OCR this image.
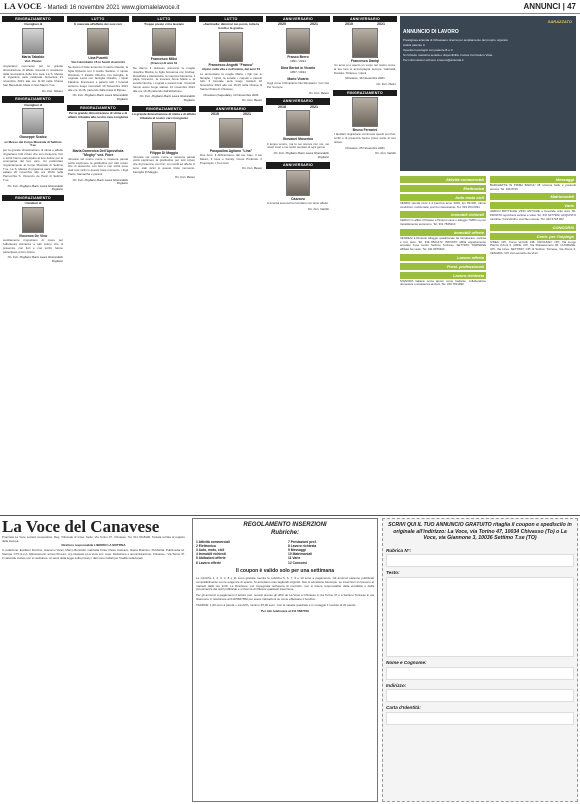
LA VOCE - Martedì 16 novembre 2021 www.giornalelavoce.it	ANNUNCI | 47
RINGRAZIAMENTO
I famigliari di
Maria Tabaldo
Ved. Pivano
ringraziano commossi per la grande dimostrazione di affetto ricevuta in occasione della scomparsa della loro cara. La S. Messa di trigesima sarà celebrata domenica 21 novembre 2021 alle ore 11.30 nella Chiesa San Benedetto Abate in San Mauro T.se.
On. Fun. Olivero
RINGRAZIAMENTO
I famigliari di
Giuseppe Scalco
ex Messo del Corpo Musicale di Settimo T.se
per la grande dimostrazione di stima e affetto ringraziano tutti coloro che con presenza, fiori e scritti hanno partecipato al loro dolore per la scomparsa del loro caro. Un particolare ringraziamento al Corpo Musicale di Settimo T.se. La S. Messa di trigesima sarà celebrata sabato 20 novembre alle ore 18.00 nella Parrocchia S. Vincenzo de Paoli di Settimo T.se.
On. Fun. Pogliano Mario Laura Gherardello Pogliano
RINGRAZIAMENTO
I familiari di
Vincenzo De Vivo
sentitamente ringraziano di cuore per l'affettuosa vicinanza a tutti coloro che di presenza, con fiori e con scritti, hanno partecipato al loro dolore.
On. Fun. Pogliano Mario Laura Gherardello Pogliano
LUTTO
È mancata all'affetto dei suoi cari
Lina Pucetti
Via Colombetto 16 in Scotti di anni 94
Ne danno il triste annuncio il marito Claudio, la figlia Roberta con il marito Stefano, il nipote Riccardo, il fratello Vittorino con famiglia, le cognate Lucia con famiglia Claudio, i nipoti Fabiana, Francesco e parenti tutti. I funerali avranno luogo mercoledì 10 Novembre 2021 alle ore 14.45, partendo dalla Casa di Riposo.
On. Fun. Pogliano Mario Laura Gherardello Pogliano
RINGRAZIAMENTO
Per la grande dimostrazione di stima e di affetto tributata alla nostra cara congiunta
Maria Domenica Dell'Aprovitola "Meghy" ved. Fiore
ritrovata nel nostro cuore e nessuna parola potrà esprimere la gratitudine per tutti coloro che di presenza, con fiori e con scritti sono stati così vicini in questo triste momento. I Figli Paolo, Samantha e parenti.
On. Fun. Pogliano Mario Laura Gherardello Pogliano
LUTTO
Troppo presto ci ha lasciato
Francesco Milici
(Franco) di anni 61
Ne danno il doloroso annuncio la moglie Josefine Marina, le figlie Giovanna con Andrea, Rosalinda e Alessandra, la mamma Giovanna, il papà Vincenzo, la suocera Anna Maria e la sorella Nunzia, i cognati e parenti tutti. I funerali hanno avuto luogo sabato 13 novembre 2021 alle ore 10.45 partendo dall'abitazione.
On. Fun. Pogliano Mario Laura Gherardello Pogliano
RINGRAZIAMENTO
La grande dimostrazione di stima e di affetto tributata al nostro caro Congiunto
Filippo Di Maggio
ritrovata nel nostro cuore e nessuna parola potrà esprimere la gratitudine per tutti coloro che di presenza, con fiori, con scritti ed offerte ci sono stati vicini in questo triste momento. Famiglia Di Maggio.
On. Fun. Besso
LUTTO
«Sentinella: dimmi al tuo posto, tutta la bontà e la grazia»
Francesco Angotti "Franco"
Alpino nella vita e nell'anima, dal anni 79
Lo annunciano la moglie Maria, i figli con le famiglie, i nipoti, la sorella, i cognati e parenti tutti. Il funerale avrà luogo martedì 16 Novembre 2021 alle ore 15.00 nella Chiesa di Santa Chiara di Chivasso.
Chivasso (Gepedale), 14 Novembre 2021
On. Fun. Besso
ANNIVERSARIO
2019	2021
Pasqualina Agliano "Lina"
Due Anni. Il Abbracciamo dal tuo Ciao. Il tuo Mauro, Il Iuvor e Family. Cuore Profondo. Il Propinquis. I Tuoi Cari.
On. Fun. Besso
ANNIVERSARIO
2020	2021
Franco Brero
1991 / 2021
Dina Bertot in Vicario
1957 / 2021
Mario Vicario
Oggi come il Rimpianto Del Rimpianto. Con Noi Per Sempre.
On. Fun. Besso
ANNIVERSARIO
2018	2021
Giovanni Moserino
Il tempo scorre, ma tu sei ancora con noi, nei nostri cuori e nei nostri pensieri di ogni giorno.
On. Fun. Pogliano Mario Laura Gherardello Pogliano
ANNIVERSARIO
Cazzovu
A funerali avvenuti la ricordano con tanto affetto.
On. Fun. Vanitto
ANNIVERSARIO
2010	2021
Francesco Daniqi
Un anno si è aperto un vuoto nel nostro cuore, la tua luce ci accompagna sempre. Gabriella, Daniela, Tiziana e i nipoti.
Chivasso, 16 Novembre 2021
On. Fun. Pietro
RINGRAZIAMENTO
Bruno Ferrarini
I familiari ringraziano commossi quanti con fiori, scritti e di presenza hanno preso parte al loro dolore.
Chivasso, 25 Novembre 2021
On. Fun. Vanitto
SARAZZATO
ANNUNCIO DI LAVORO
Prestigiosa azienda di Orbassano ricerca per ampliamento del proprio organico
Autisti patente C
Operatori ecologici con patente B e C
Si richiede massima serietà e disponibilità. Inviare Curriculum Vitae
Per informazioni scrivere a lavoro@azienda.it
Attività commerciali
Elettronica
Auto moto cicli
VENDO Honda Civic 1.4 benzina anno 2004, km 89.000, ottime condizioni, revisionata, prezzo interessante. Tel. 333 254 0091
Immobili richiesti
CERCO in affitto Chivasso e Dintorni casa o alloggio 70/80 mq con riscaldamento autonomo. Tel. 331 7845210
Immobili offerte
VENDESI a Rivarolo alloggio quadrilocale da ristrutturare, cantina e box auto. Tel. 349 8521472. PRIVATO affitta appartamento arredato zona centro Settimo Torinese. SETTIMO TORINESE affittasi box auto. Tel. 011 8976644
Lavoro offerta
Prest. professionali
Lavoro richiesta
SIGNORA italiana cerca lavoro come badante, collaboratrice domestica o assistenza anziani. Tel. 340 7821990
Messaggi
BARCHETTE IN PRIMA BARCA! 28 colonne belle e possenti ancora. Tel. 346 8720
Matrimoniali
Varie
CERCO BOTTIGLIE VINO ANTICHE e bevande ante anni '60. PRIVATO sgombera cantine e solai. Tel. 347 9277983. ACQUISTO cartoline, francobolli e vecchie monete. Tel. 342 5718 002
CONCORSI
Contr. per l'impiego
IVREA: CPI, Corso Vercelli 138. CHIVASSO: CPI, Via Lungo Piazza d'Armi 6. CIRIÈ: CPI, Via Robassomero 96. CUORGNÈ: CPI, Via Ivrea. SETTIMO: CPI di Settimo Torinese, Via Roma 3. VENARIA: CPI via Leonardo da Vinci.
La Voce del Canavese
Proprietà La Voce società cooperativa. Reg. Tribunale di Ivrea. Sede: Via Torino 47, Chivasso. Tel. 011 9118100. Testata iscritta al registro della stampa.
Direttore responsabile LIBORIO LA MATTINA
In redazione: Emiliano Rozzino, Giacomo Vanni, Marco Bertolotti, Gabriella Crisà, Paolo Codesco, Ileana Mainiero. Pubblicità: Publimedia srl. Stampa: CTS S.p.A. Abbonamenti: annuo 60 euro, ccp intestato a La Voce soc. coop. Redazione e amministrazione: Chivasso - Via Torino 47. Il materiale inviato non si restituisce. Ai sensi della legge sulla privacy i dati sono trattati per finalità redazionali.
REGOLAMENTO INSERZIONI
Rubriche:
1 Attività commerciali
2 Elettronica
3 Auto, moto, cicli
4 Immobili richiesti
5 Abitazioni offerte
6 Lavoro offerte
7 Prestazioni prof.
8 Lavoro richiesta
9 Messaggi
10 Matrimoniali
11 Varie
12 Concorsi
Il coupon è valido solo per una settimana
Le rubriche 1, 2, 3, 4, 8 e 11 sono gratuite mentre le rubriche 5, 6, 7, 9 e 10 sono a pagamento. Gli annunci saranno pubblicati compatibilmente con le esigenze di spazio. Si accettano solo tagliandi originali. Non si accettano fotocopie. Le inserzioni si ricevono al martedì dalle ore 9.00. La Direzione, pur impegnata nell'opera di controllo, non si ritiene responsabile della veridicità e della provenienza dei testi pubblicati e si riserva di rifiutare qualsiasi inserzione.
Per gli annunci a pagamento il lettore può: recarsi presso gli uffici de La Voce a Chivasso in via Torino 47 o a Settimo Torinese in via Giannone 3, telefonare al 011/5667550 per avere indicazioni su come effettuare il bonifico.
TARIFFE: 1,00 euro a parola + iva 22%, minimo 25,00 euro. Con le caselle quadrate è in omaggio il modulo di 20 parole.
Per info telefonare al 011 5867550
SCRIVI QUI IL TUO ANNUNCIO GRATUITO ritaglia il coupon e spediscilo in originale all'indirizzo: La Voce, via Torino 47, 10034 Chivasso (To) o La Voce, via Giannone 3, 10036 Settimo T.se (TO)
Rubrica N°:
Testo:
Nome e Cognome:
Indirizzo:
Carta d'Identità:
